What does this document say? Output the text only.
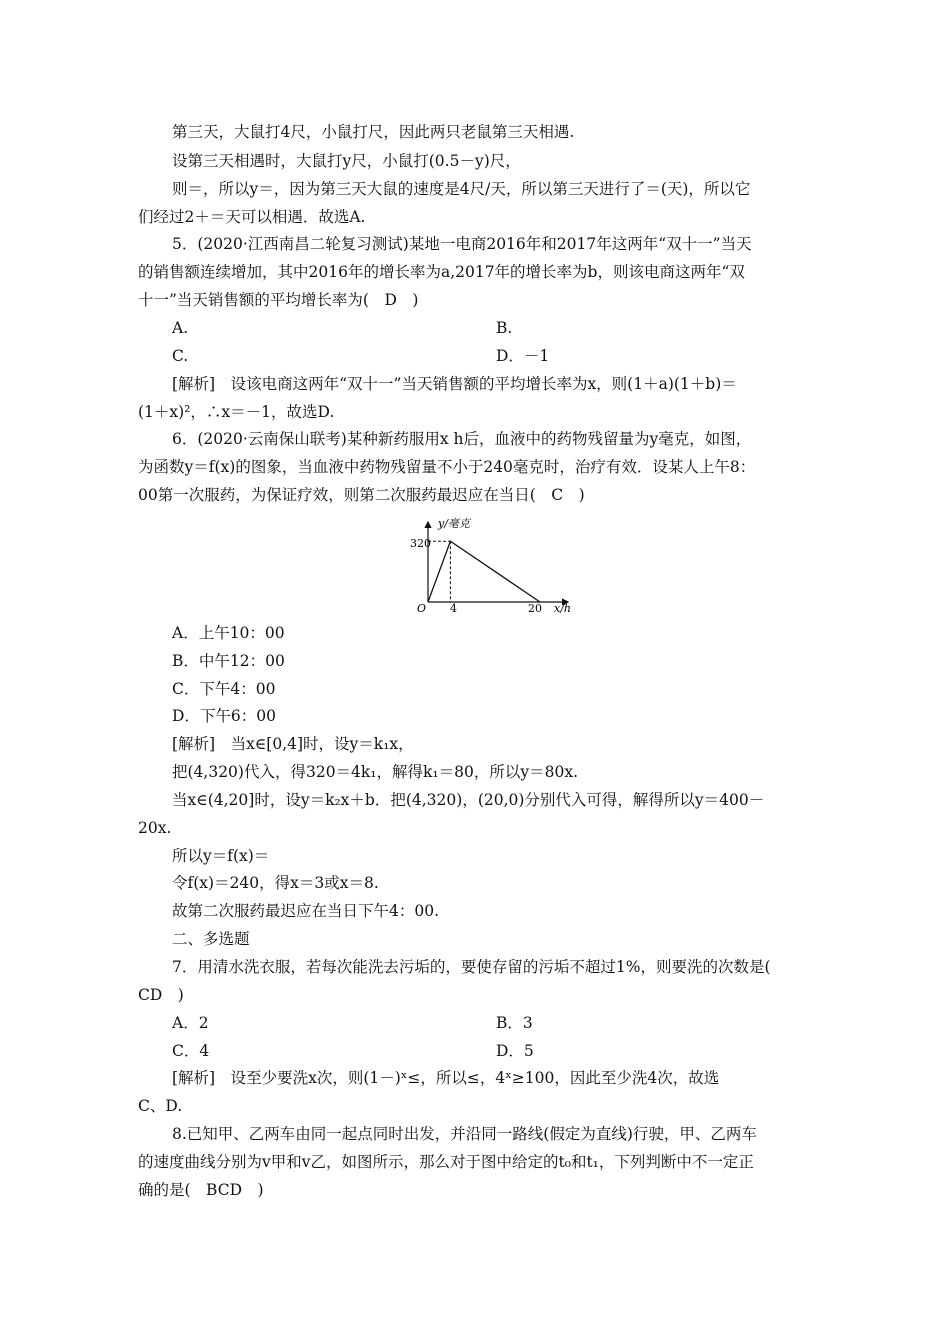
第三天，大鼠打4尺，小鼠打尺，因此两只老鼠第三天相遇.
设第三天相遇时，大鼠打y尺，小鼠打(0.5－y)尺，
则＝，所以y＝，因为第三天大鼠的速度是4尺/天，所以第三天进行了＝(天)，所以它
们经过2＋＝天可以相遇．故选A.
5．(2020·江西南昌二轮复习测试)某地一电商2016年和2017年这两年“双十一”当天
的销售额连续增加，其中2016年的增长率为a,2017年的增长率为b，则该电商这两年“双
十一”当天销售额的平均增长率为(　D　)
A.	B.
C.	D．－1
[解析]　设该电商这两年“双十一”当天销售额的平均增长率为x，则(1＋a)(1＋b)＝
(1＋x)²，∴x＝－1，故选D.
6．(2020·云南保山联考)某种新药服用x h后，血液中的药物残留量为y毫克，如图，
为函数y＝f(x)的图象，当血液中药物残留量不小于240毫克时，治疗有效．设某人上午8：
00第一次服药，为保证疗效，则第二次服药最迟应在当日(　C　)
y/毫克
320
O 4	20 x/h
A．上午10：00
B．中午12：00
C．下午4：00
D．下午6：00
[解析]　当x∈[0,4]时，设y＝k₁x，
把(4,320)代入，得320＝4k₁，解得k₁＝80，所以y＝80x.
当x∈(4,20]时，设y＝k₂x＋b．把(4,320)，(20,0)分别代入可得，解得所以y＝400－
20x.
所以y＝f(x)＝
令f(x)＝240，得x＝3或x＝8.
故第二次服药最迟应在当日下午4：00.
二、多选题
7．用清水洗衣服，若每次能洗去污垢的，要使存留的污垢不超过1%，则要洗的次数是(
CD　)
A．2	B．3
C．4	D．5
[解析]　设至少要洗x次，则(1－)ˣ≤，所以≤，4ˣ≥100，因此至少洗4次，故选
C、D.
8.已知甲、乙两车由同一起点同时出发，并沿同一路线(假定为直线)行驶，甲、乙两车
的速度曲线分别为v甲和v乙，如图所示，那么对于图中给定的t₀和t₁，下列判断中不一定正
确的是(　BCD　)
